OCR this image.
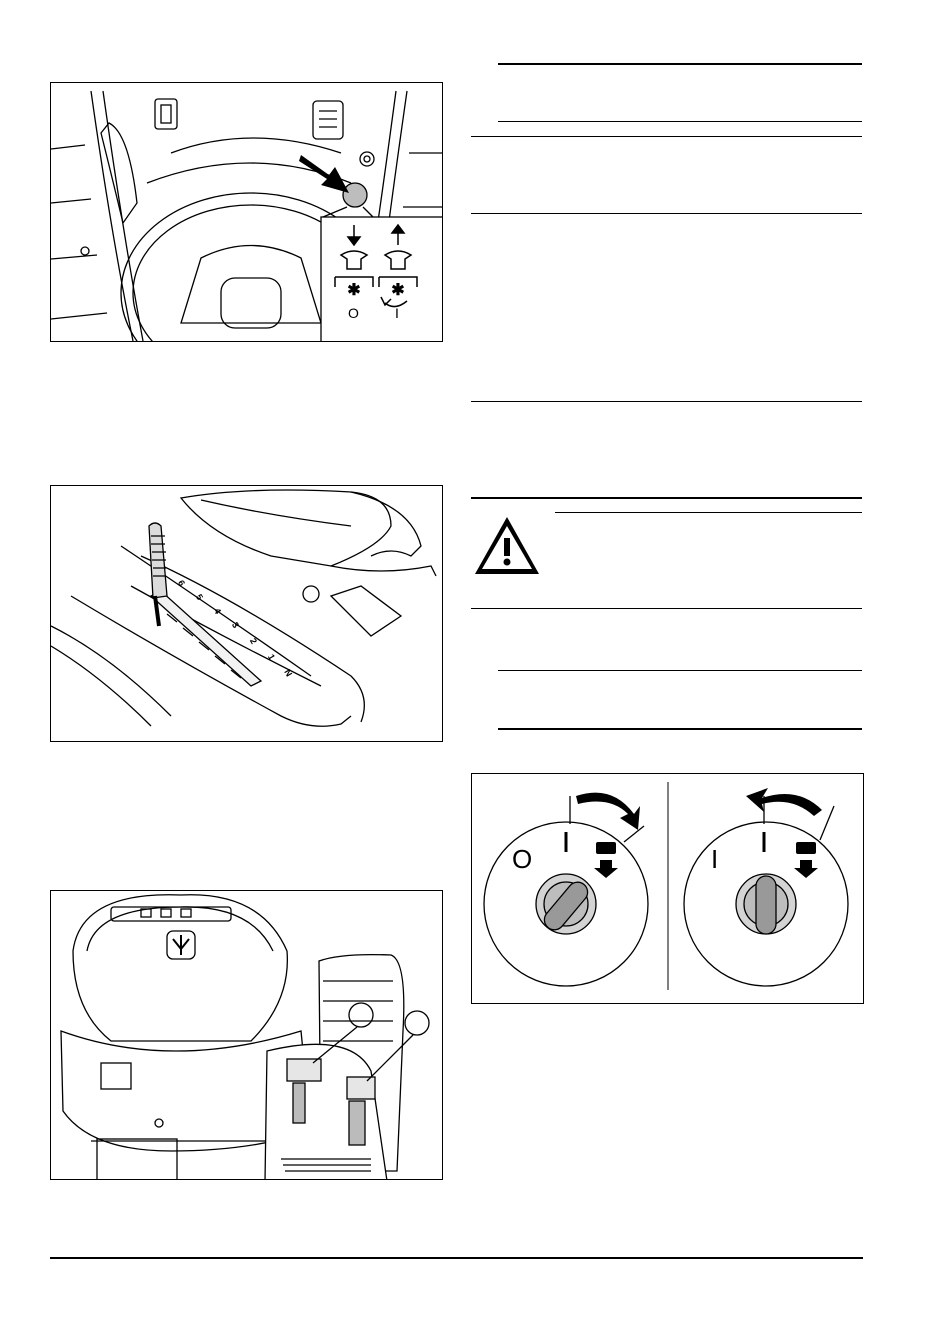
✱ ✱
O	I
6
5
4
3
2
1
N
O	I
